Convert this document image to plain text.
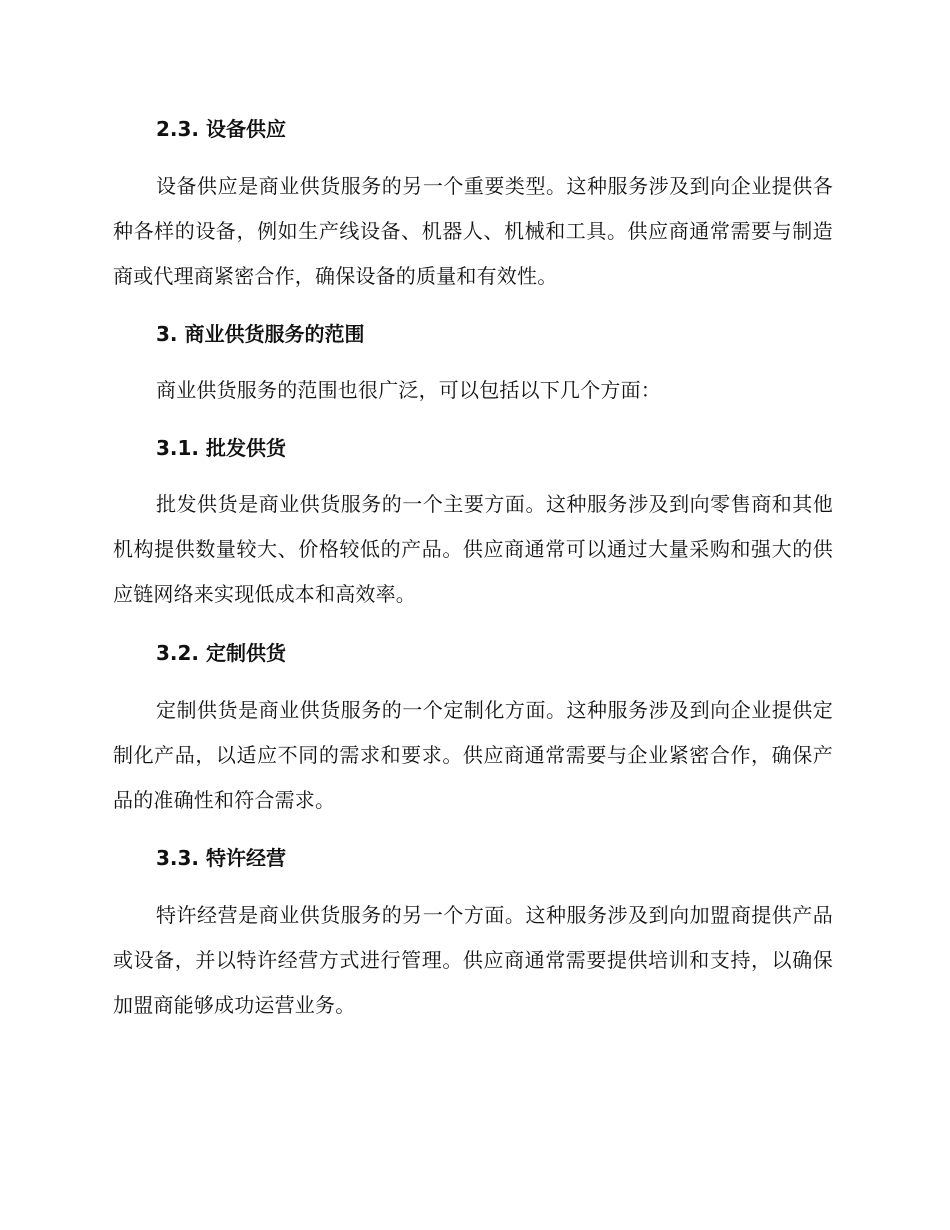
2.3. 设备供应
设备供应是商业供货服务的另一个重要类型。这种服务涉及到向企业提供各种各样的设备，例如生产线设备、机器人、机械和工具。供应商通常需要与制造商或代理商紧密合作，确保设备的质量和有效性。
3. 商业供货服务的范围
商业供货服务的范围也很广泛，可以包括以下几个方面：
3.1. 批发供货
批发供货是商业供货服务的一个主要方面。这种服务涉及到向零售商和其他机构提供数量较大、价格较低的产品。供应商通常可以通过大量采购和强大的供应链网络来实现低成本和高效率。
3.2. 定制供货
定制供货是商业供货服务的一个定制化方面。这种服务涉及到向企业提供定制化产品，以适应不同的需求和要求。供应商通常需要与企业紧密合作，确保产品的准确性和符合需求。
3.3. 特许经营
特许经营是商业供货服务的另一个方面。这种服务涉及到向加盟商提供产品或设备，并以特许经营方式进行管理。供应商通常需要提供培训和支持，以确保加盟商能够成功运营业务。
